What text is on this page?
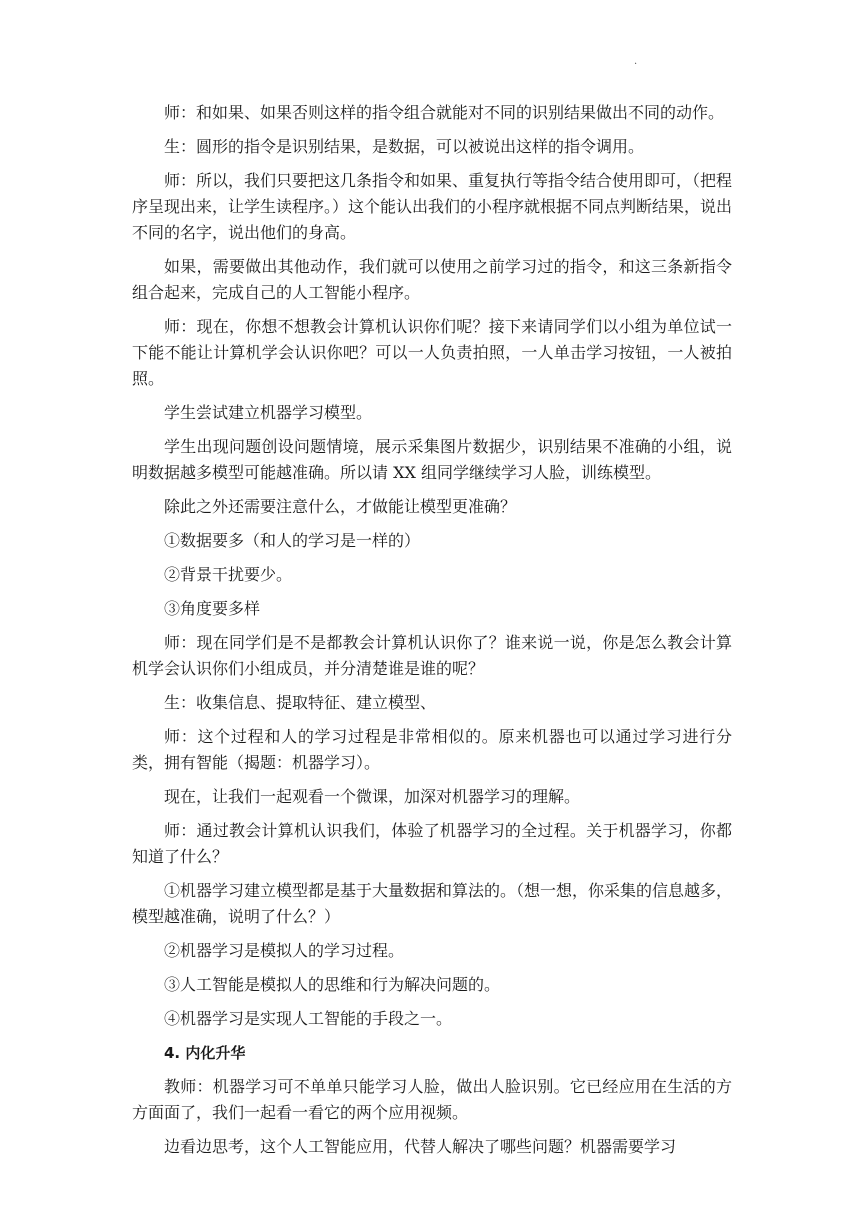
.

师：和如果、如果否则这样的指令组合就能对不同的识别结果做出不同的动作。

生：圆形的指令是识别结果，是数据，可以被说出这样的指令调用。

师：所以，我们只要把这几条指令和如果、重复执行等指令结合使用即可，（把程序呈现出来，让学生读程序。）这个能认出我们的小程序就根据不同点判断结果，说出不同的名字，说出他们的身高。

如果，需要做出其他动作，我们就可以使用之前学习过的指令，和这三条新指令组合起来，完成自己的人工智能小程序。

师：现在，你想不想教会计算机认识你们呢？接下来请同学们以小组为单位试一下能不能让计算机学会认识你吧？可以一人负责拍照，一人单击学习按钮，一人被拍照。

学生尝试建立机器学习模型。

学生出现问题创设问题情境，展示采集图片数据少，识别结果不准确的小组，说明数据越多模型可能越准确。所以请 XX 组同学继续学习人脸，训练模型。

除此之外还需要注意什么，才做能让模型更准确？

①数据要多（和人的学习是一样的）

②背景干扰要少。

③角度要多样

师：现在同学们是不是都教会计算机认识你了？谁来说一说，你是怎么教会计算机学会认识你们小组成员，并分清楚谁是谁的呢？

生：收集信息、提取特征、建立模型、

师：这个过程和人的学习过程是非常相似的。原来机器也可以通过学习进行分类，拥有智能（揭题：机器学习）。

现在，让我们一起观看一个微课，加深对机器学习的理解。

师：通过教会计算机认识我们，体验了机器学习的全过程。关于机器学习，你都知道了什么？

①机器学习建立模型都是基于大量数据和算法的。（想一想，你采集的信息越多，模型越准确，说明了什么？）

②机器学习是模拟人的学习过程。

③人工智能是模拟人的思维和行为解决问题的。

④机器学习是实现人工智能的手段之一。

4. 内化升华

教师：机器学习可不单单只能学习人脸，做出人脸识别。它已经应用在生活的方方面面了，我们一起看一看它的两个应用视频。

边看边思考，这个人工智能应用，代替人解决了哪些问题？机器需要学习
